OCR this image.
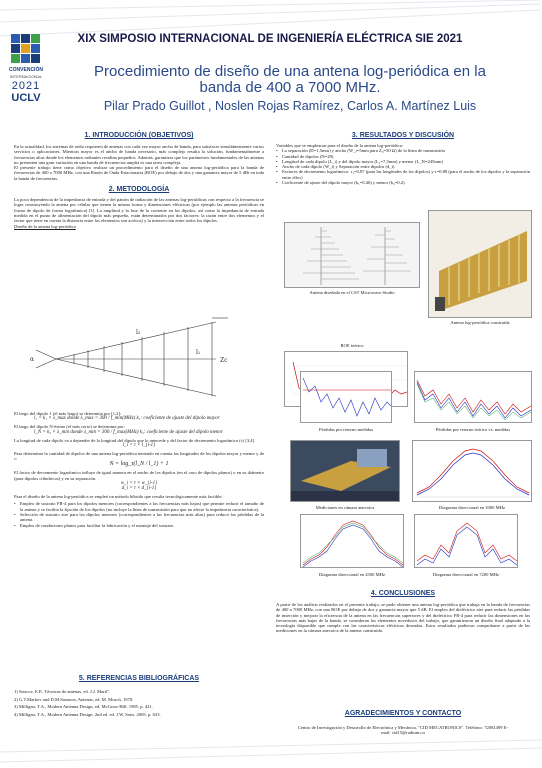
CONVENCIÓN
INTERNACIONAL
2021
UCLV
XIX SIMPOSIO INTERNACIONAL DE INGENIERÍA ELÉCTRICA SIE 2021
Procedimiento de diseño de una antena log-periódica en la
banda de 400 a 7000 MHz.
Pilar Prado Guillot , Noslen Rojas Ramírez, Carlos A. Martínez Luis
1. INTRODUCCIÓN (OBJETIVOS)
En la actualidad, los sistemas de radio requieren de antenas con cada vez mayor ancho de banda, para satisfacer simultáneamente varios servicios o aplicaciones. Mientras mayor es el ancho de banda necesario, más complejo resulta la solución, fundamentalmente a frecuencias altas donde los elementos radiantes resultan pequeños. Además, garantizar que los parámetros fundamentales de las antenas no presenten una gran variación en una banda de frecuencias amplia es una tarea compleja.
El presente trabajo tiene como objetivo realizar un procedimiento para el diseño de una antena log-periódica para la banda de frecuencias de 400 a 7000 MHz, con una Razón de Onda Estacionaria (ROE) por debajo de dos y una ganancia mayor de 5 dBi en toda la banda de frecuencias.
2. METODOLOGÍA
La poca dependencia de la impedancia de entrada y del patrón de radiación de las antenas log-periódicas con respecto a la frecuencia se logra construyendo la antena por células que tienen la misma forma y dimensiones eléctricas (por ejemplo las antenas periódicas en forma de dipolo de forma logarítmica) [1]. La amplitud y la fase de la corriente en los dipolos, así como la impedancia de entrada medida en el punto de alimentación del dipolo más pequeño, están determinados por dos factores: la razón entre dos elementos y el factor que tiene en cuenta la distancia entre los elementos son activos) y la intersección entre todos los dipolos.
Diseño de la antena log-periódica
α
l₂
l₁
Zc
El largo del dipolo 1 (el más largo) se determina por [1,2]:
l₁ = k₁ × λ_max donde λ_max = 300 / f_min(MHz) k₁: coeficiente de ajuste del dipolo mayor
El largo del dipolo N-ésimo (el más corto) se determina por:
l_N = k₂ × λ_min donde λ_min = 300 / f_max(MHz) k₂: coeficiente de ajuste del dipolo menor
La longitud de cada dipolo va a depender de la longitud del dipolo que lo antecede y del factor de decremento logarítmico (τ) [3,4].
l_i = τ × l_{i-1}
Para determinar la cantidad de dipolos de una antena log-periódica teniendo en cuenta las longitudes de los dipolos mayor y menor y de τ:
N = log_τ(l_N / l_1) + 1
El factor de decremento logarítmico influye de igual manera en el ancho de los dipolos (en el caso de dipolos planos) o en su diámetro (para dipolos cilíndricos) y en su separación.
w_i = τ × w_{i-1}
d_i = τ × d_{i-1}
Para el diseño de la antena log-periódica se empleó un método híbrido que resulta tecnológicamente más factible:
• Empleo de sustrato FR-4 para los dipolos menores (correspondientes a las frecuencias más bajas) que permite reducir el tamaño de la antena y se facilita la fijación de los dipolos (no incluye la línea de transmisión para que no afecte la impedancia característica).
• Selección de sustrato aire para los dipolos menores (correspondientes a las frecuencias más altas) para reducir las pérdidas de la antena.
• Empleo de conductores planos para facilitar la fabricación y el montaje del sustrato.
5. REFERENCIAS BIBLIOGRÁFICAS
1) Stracov. E.P., Técnicas de antenas, ed. J.J. Martí".
2) G.T.Markov and D.M.Sazonov, Antenas, ed. M. Moscú, 1978.
3) Milligan, T.A., Modern Antenna Design, ed. McGraw-Hill. 1985. p. 421.
4) Milligan, T.A., Modern Antenna Design. 2nd ed. ed. J.W. Sons. 2005. p. 633.
3. RESULTADOS Y DISCUSIÓN
Variables que se emplearon para el diseño de la antena log-periódica:
• La separación (D=1,5mm) y ancho (W_i=5mm para Z₀=50 Ω) de la línea de transmisión
• Cantidad de dipolos (N=29)
• Longitud de cada dipolo (L_i) y del dipolo mayor (L₁=7,5mm) y menor (L_N=245mm)
• Ancho de cada dipolo (W_i) y Separación entre dipolos (d_i)
• Factores de decremento logarítmico: τ₁=0,87 (para las longitudes de los dipolos) y τ=0,88 (para el ancho de los dipolos y la separación entre ellos)
• Coeficiente de ajuste del dipolo mayor (k₁=0,46) y menor (k₂=0,2)
Antena diseñada en el CST Microwave Studio
Antena log-periódica construida
ROE teórico
Pérdidas por retorno medidas	Pérdidas por retorno teórico vs. medidas
Mediciones en cámara anecoica	Diagrama direccional en 1000 MHz
Diagrama direccional en 2500 MHz	Diagrama direccional en 7200 MHz
4. CONCLUSIONES
A partir de los análisis realizados en el presente trabajo, se pudo obtener una antena log-periódica que trabaja en la banda de frecuencias de 400 a 7000 MHz, con una ROE por debajo de dos y ganancia mayor que 5 dB. El empleo del dieléctrico aire para reducir las pérdidas de inserción y mejorar la eficiencia de la antena en las frecuencias superiores y del dieléctrico FR-4 para reducir las dimensiones en las frecuencias más bajas de la banda, se consideran los elementos novedosos del trabajo, que garantizaron un diseño final adaptado a la tecnología disponible que cumple con las características eléctricas deseadas. Estos resultados pudieron comprobarse a partir de las mediciones en la cámara anecoica de la antena construida.
AGRADECIMIENTOS Y CONTACTO
Centro de Investigación y Desarrollo de Electrónica y Mecánica, "CID MECATRONICS". Teléfono: 72081499 E-mail: cid15@radium.cu
